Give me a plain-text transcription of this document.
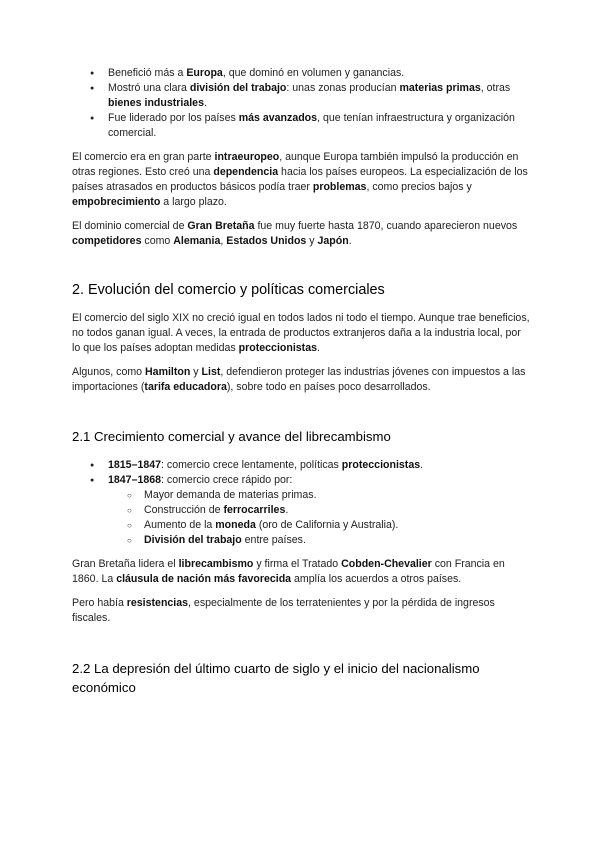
● Benefició más a Europa, que dominó en volumen y ganancias.
● Mostró una clara división del trabajo: unas zonas producían materias primas, otras bienes industriales.
● Fue liderado por los países más avanzados, que tenían infraestructura y organización comercial.

El comercio era en gran parte intraeuropeo, aunque Europa también impulsó la producción en otras regiones. Esto creó una dependencia hacia los países europeos. La especialización de los países atrasados en productos básicos podía traer problemas, como precios bajos y empobrecimiento a largo plazo.

El dominio comercial de Gran Bretaña fue muy fuerte hasta 1870, cuando aparecieron nuevos competidores como Alemania, Estados Unidos y Japón.

2. Evolución del comercio y políticas comerciales

El comercio del siglo XIX no creció igual en todos lados ni todo el tiempo. Aunque trae beneficios, no todos ganan igual. A veces, la entrada de productos extranjeros daña a la industria local, por lo que los países adoptan medidas proteccionistas.

Algunos, como Hamilton y List, defendieron proteger las industrias jóvenes con impuestos a las importaciones (tarifa educadora), sobre todo en países poco desarrollados.

2.1 Crecimiento comercial y avance del librecambismo
● 1815–1847: comercio crece lentamente, políticas proteccionistas.
● 1847–1868: comercio crece rápido por:
○ Mayor demanda de materias primas.
○ Construcción de ferrocarriles.
○ Aumento de la moneda (oro de California y Australia).
○ División del trabajo entre países.

Gran Bretaña lidera el librecambismo y firma el Tratado Cobden-Chevalier con Francia en 1860. La cláusula de nación más favorecida amplía los acuerdos a otros países.

Pero había resistencias, especialmente de los terratenientes y por la pérdida de ingresos fiscales.

2.2 La depresión del último cuarto de siglo y el inicio del nacionalismo económico
